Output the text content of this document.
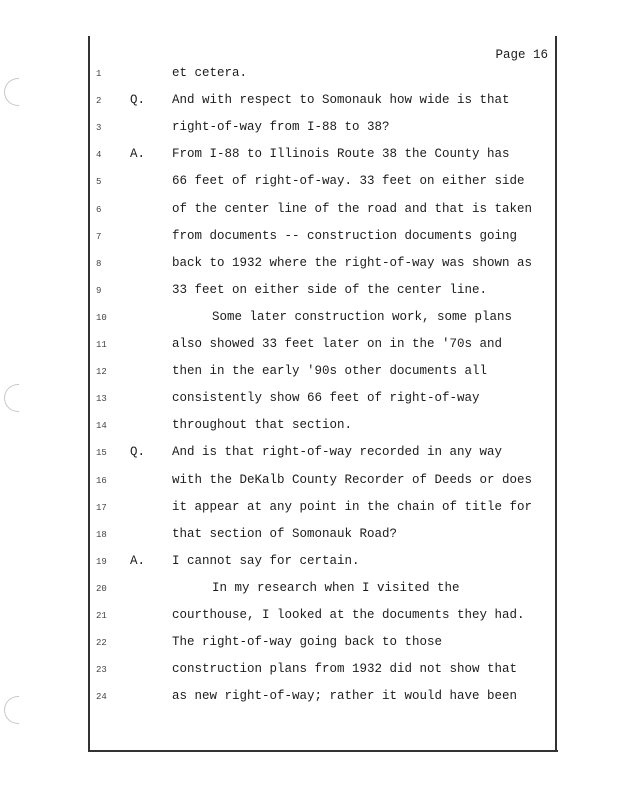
Page 16
1	et cetera.
2	Q. And with respect to Somonauk how wide is that
3	right-of-way from I-88 to 38?
4	A. From I-88 to Illinois Route 38 the County has
5	66 feet of right-of-way. 33 feet on either side
6	of the center line of the road and that is taken
7	from documents -- construction documents going
8	back to 1932 where the right-of-way was shown as
9	33 feet on either side of the center line.
10	Some later construction work, some plans
11	also showed 33 feet later on in the '70s and
12	then in the early '90s other documents all
13	consistently show 66 feet of right-of-way
14	throughout that section.
15	Q. And is that right-of-way recorded in any way
16	with the DeKalb County Recorder of Deeds or does
17	it appear at any point in the chain of title for
18	that section of Somonauk Road?
19	A. I cannot say for certain.
20	In my research when I visited the
21	courthouse, I looked at the documents they had.
22	The right-of-way going back to those
23	construction plans from 1932 did not show that
24	as new right-of-way; rather it would have been
